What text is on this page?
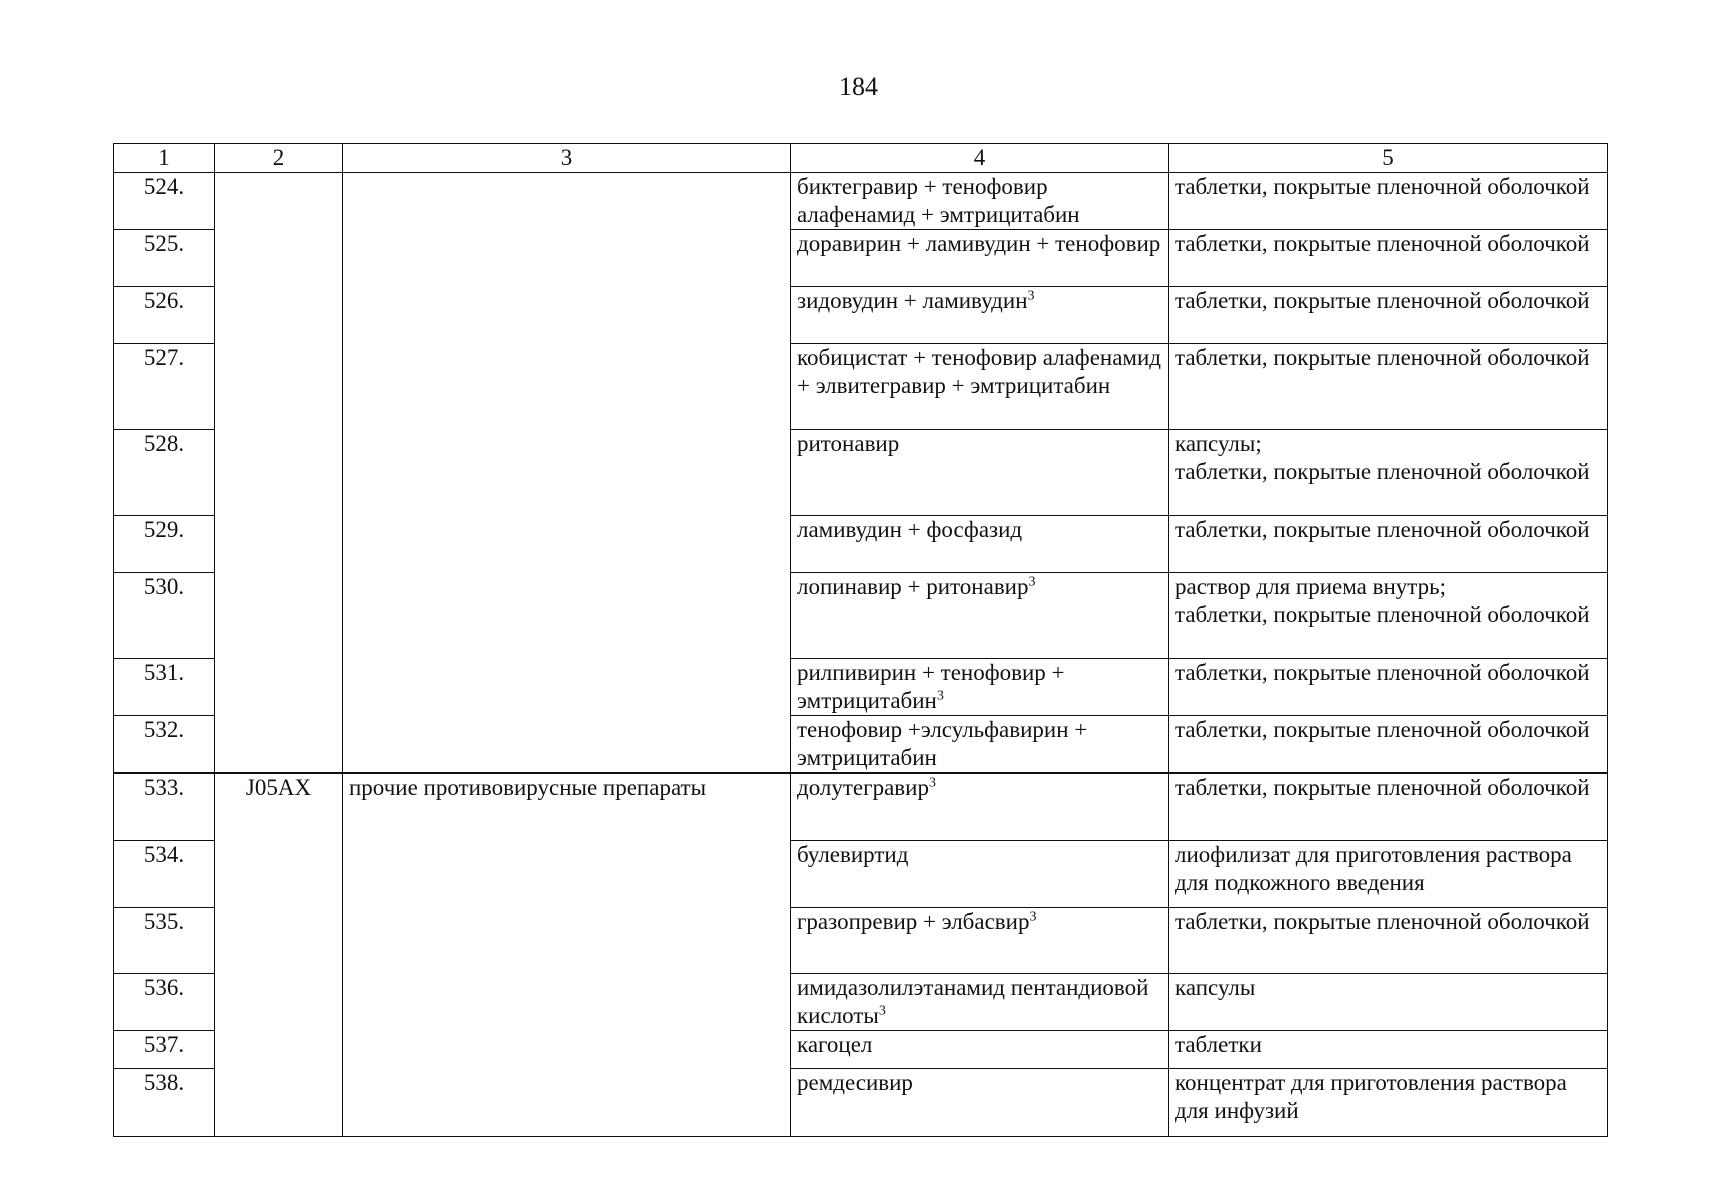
184
1	2	3	4	5
524.			биктегравир + тенофовир алафенамид + эмтрицитабин	таблетки, покрытые пленочной оболочкой
525.			доравирин + ламивудин + тенофовир	таблетки, покрытые пленочной оболочкой
526.			зидовудин + ламивудин$^3$	таблетки, покрытые пленочной оболочкой
527.			кобицистат + тенофовир алафенамид + элвитегравир + эмтрицитабин	таблетки, покрытые пленочной оболочкой
528.			ритонавир	капсулы;
таблетки, покрытые пленочной оболочкой
529.			ламивудин + фосфазид	таблетки, покрытые пленочной оболочкой
530.			лопинавир + ритонавир$^3$	раствор для приема внутрь;
таблетки, покрытые пленочной оболочкой
531.			рилпивирин + тенофовир + эмтрицитабин$^3$	таблетки, покрытые пленочной оболочкой
532.			тенофовир +элсульфавирин + эмтрицитабин	таблетки, покрытые пленочной оболочкой
533.	J05AX	прочие противовирусные препараты	долутегравир$^3$	таблетки, покрытые пленочной оболочкой
534.			булевиртид	лиофилизат для приготовления раствора для подкожного введения
535.			гразопревир + элбасвир$^3$	таблетки, покрытые пленочной оболочкой
536.			имидазолилэтанамид пентандиовой кислоты$^3$	капсулы
537.			кагоцел	таблетки
538.			ремдесивир	концентрат для приготовления раствора для инфузий
